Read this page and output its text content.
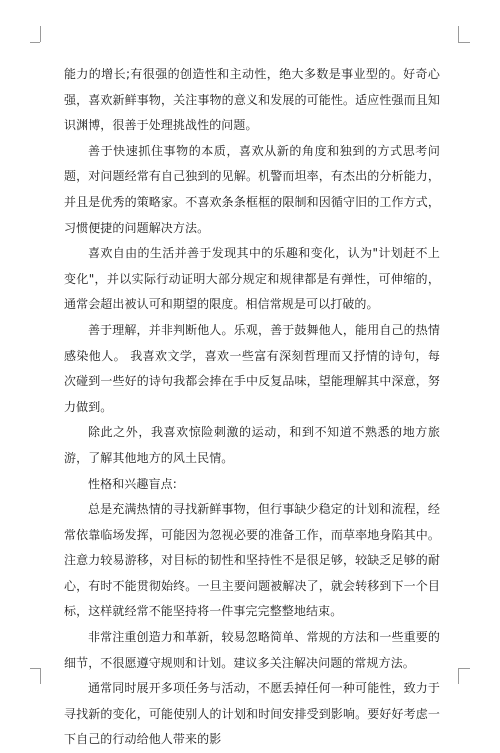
能力的增长;有很强的创造性和主动性，绝大多数是事业型的。好奇心强，喜欢新鲜事物，关注事物的意义和发展的可能性。适应性强而且知识渊博，很善于处理挑战性的问题。

善于快速抓住事物的本质，喜欢从新的角度和独到的方式思考问题，对问题经常有自己独到的见解。机警而坦率，有杰出的分析能力，并且是优秀的策略家。不喜欢条条框框的限制和因循守旧的工作方式，习惯便捷的问题解决方法。

喜欢自由的生活并善于发现其中的乐趣和变化，认为"计划赶不上变化"，并以实际行动证明大部分规定和规律都是有弹性，可伸缩的，通常会超出被认可和期望的限度。相信常规是可以打破的。

善于理解，并非判断他人。乐观，善于鼓舞他人，能用自己的热情感染他人。 我喜欢文学，喜欢一些富有深刻哲理而又抒情的诗句，每次碰到一些好的诗句我都会捧在手中反复品味，望能理解其中深意，努力做到。

除此之外，我喜欢惊险刺激的运动，和到不知道不熟悉的地方旅游，了解其他地方的风土民情。

性格和兴趣盲点:

总是充满热情的寻找新鲜事物，但行事缺少稳定的计划和流程，经常依靠临场发挥，可能因为忽视必要的准备工作，而草率地身陷其中。注意力较易游移，对目标的韧性和坚持性不是很足够，较缺乏足够的耐心，有时不能贯彻始终。一旦主要问题被解决了，就会转移到下一个目标，这样就经常不能坚持将一件事完完整整地结束。

非常注重创造力和革新，较易忽略简单、常规的方法和一些重要的细节，不很愿遵守规则和计划。建议多关注解决问题的常规方法。

通常同时展开多项任务与活动，不愿丢掉任何一种可能性，致力于寻找新的变化，可能使别人的计划和时间安排受到影响。要好好考虑一下自己的行动给他人带来的影
